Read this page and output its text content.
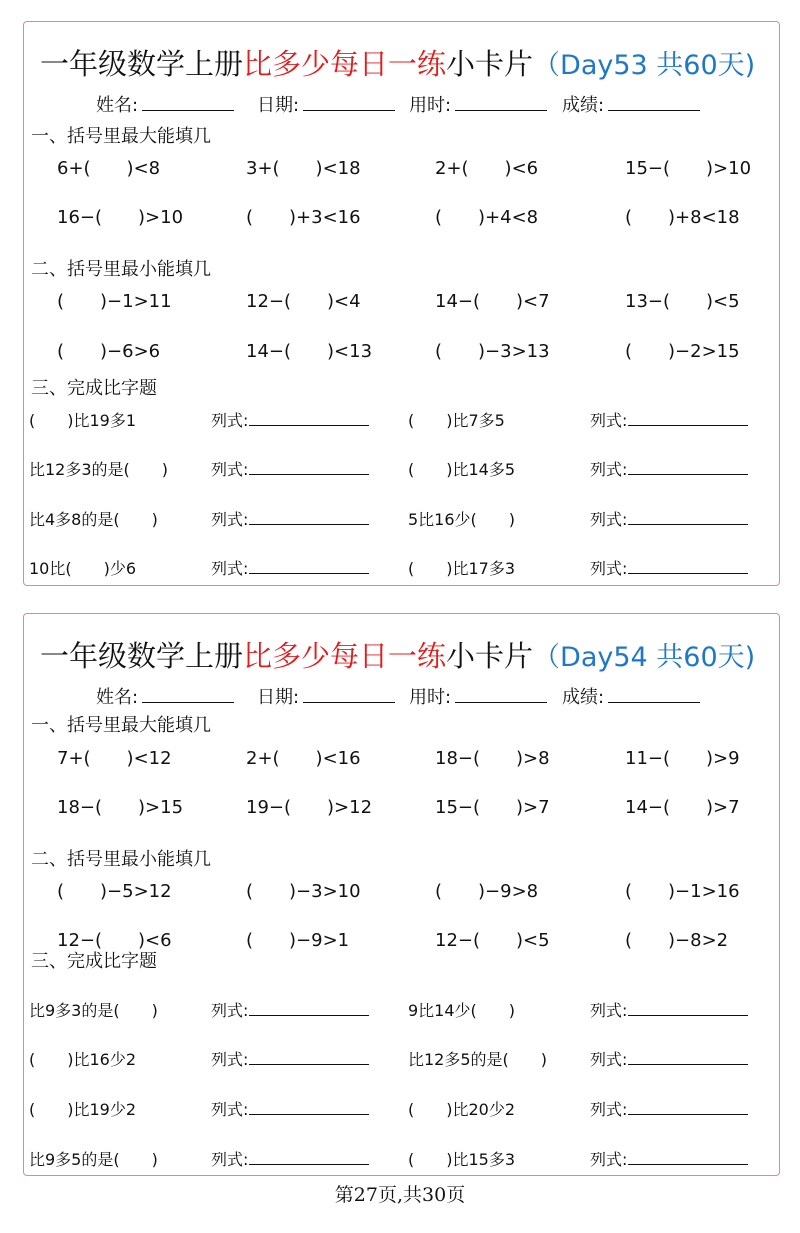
一年级数学上册比多少每日一练小卡片（Day53 共60天)
姓名:	日期:	用时:	成绩:
一、括号里最大能填几
6+(　　)<8	3+(　　)<18	2+(　　)<6	15−(　　)>10
16−(　　)>10	(　　)+3<16	(　　)+4<8	(　　)+8<18
二、括号里最小能填几
(　　)−1>11	12−(　　)<4	14−(　　)<7	13−(　　)<5
(　　)−6>6	14−(　　)<13	(　　)−3>13	(　　)−2>15
三、完成比字题
(　　)比19多1	列式:	(　　)比7多5	列式:
比12多3的是(　　)	列式:	(　　)比14多5	列式:
比4多8的是(　　)	列式:	5比16少(　　)	列式:
10比(　　)少6	列式:	(　　)比17多3	列式:
一年级数学上册比多少每日一练小卡片（Day54 共60天)
姓名:	日期:	用时:	成绩:
一、括号里最大能填几
7+(　　)<12	2+(　　)<16	18−(　　)>8	11−(　　)>9
18−(　　)>15	19−(　　)>12	15−(　　)>7	14−(　　)>7
二、括号里最小能填几
(　　)−5>12	(　　)−3>10	(　　)−9>8	(　　)−1>16
12−(　　)<6	(　　)−9>1	12−(　　)<5	(　　)−8>2
三、完成比字题
比9多3的是(　　)	列式:	9比14少(　　)	列式:
(　　)比16少2	列式:	比12多5的是(　　)	列式:
(　　)比19少2	列式:	(　　)比20少2	列式:
比9多5的是(　　)	列式:	(　　)比15多3	列式:
第27页,共30页
